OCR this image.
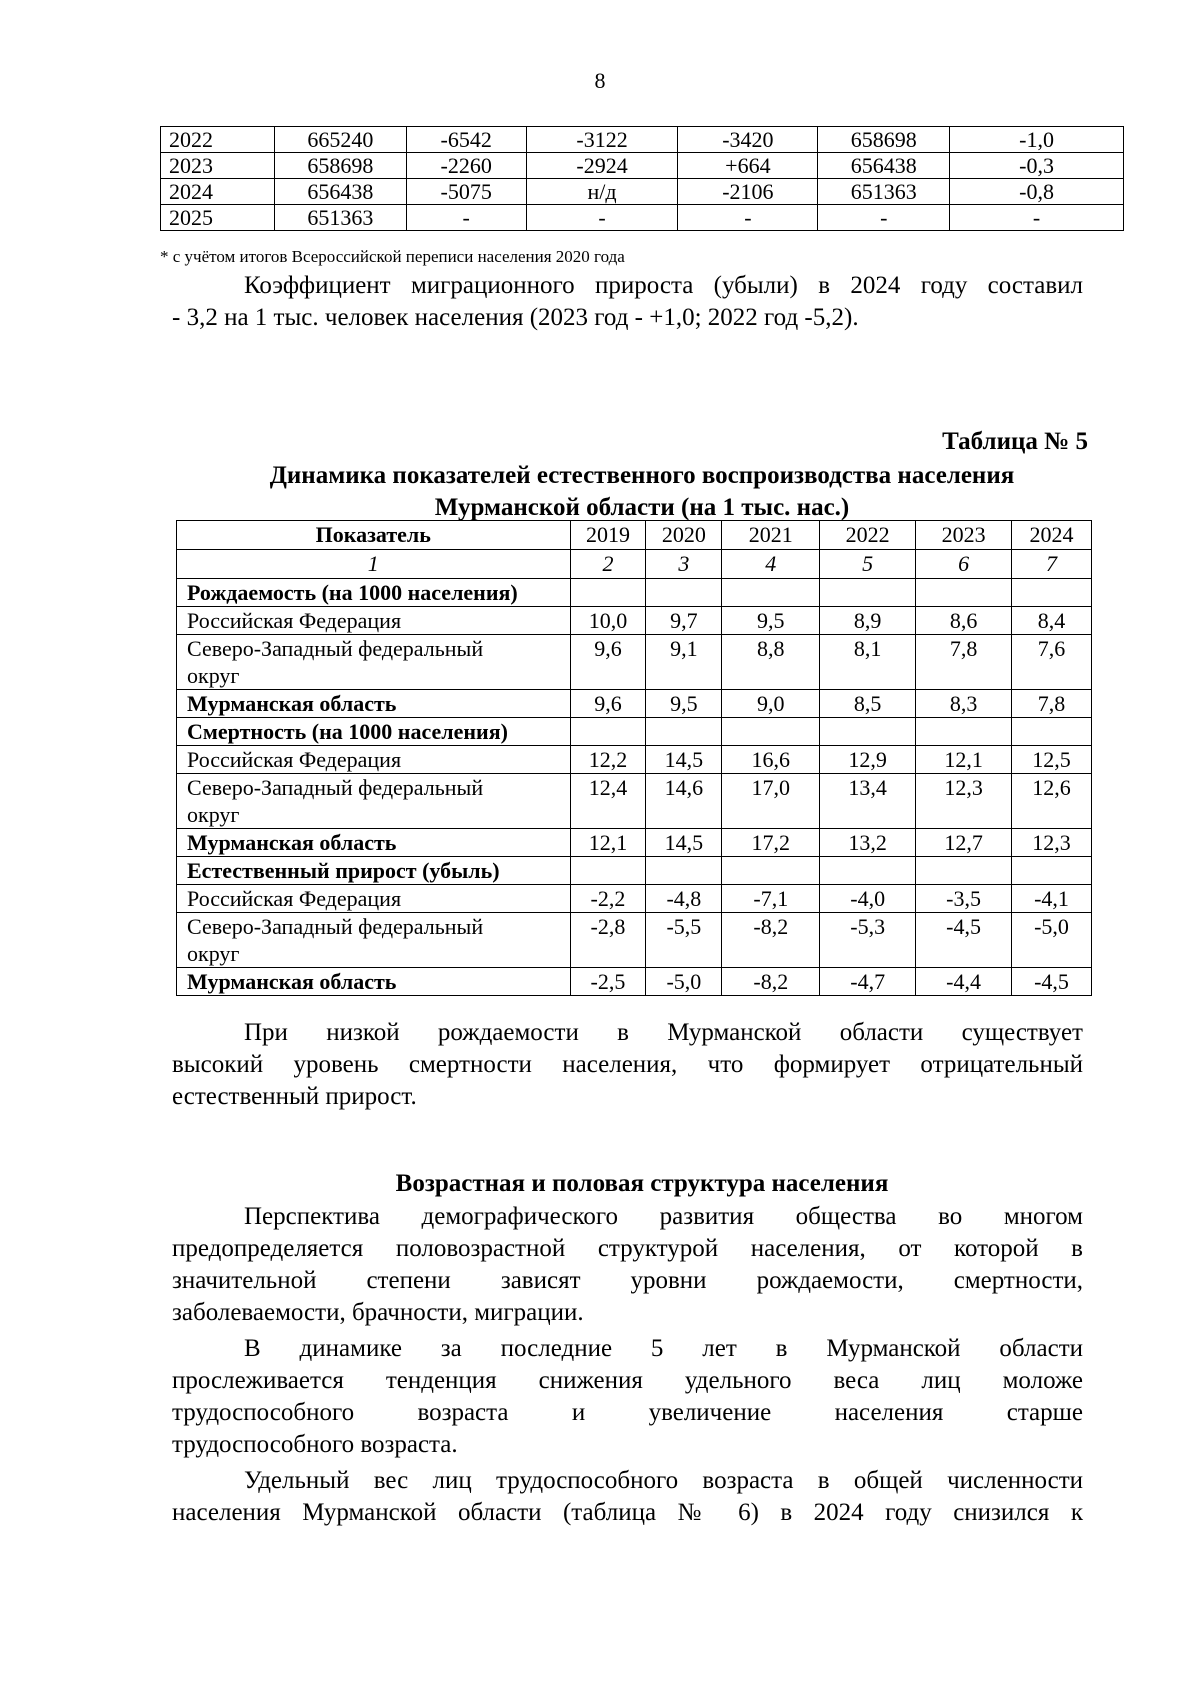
8
2022	665240	-6542	-3122	-3420	658698	-1,0
2023	658698	-2260	-2924	+664	656438	-0,3
2024	656438	-5075	н/д	-2106	651363	-0,8
2025	651363	-	-	-	-	-
* с учётом итогов Всероссийской переписи населения 2020 года
Коэффициент миграционного прироста (убыли) в 2024 году составил
- 3,2 на 1 тыс. человек населения (2023 год - +1,0; 2022 год -5,2).
Таблица № 5
Динамика показателей естественного воспроизводства населения
Мурманской области (на 1 тыс. нас.)
Показатель	2019	2020	2021	2022	2023	2024
1	2	3	4	5	6	7
Рождаемость (на 1000 населения)						

Российская Федерация	10,0	9,7	9,5	8,9	8,6	8,4

Северо-Западный федеральный
округ	9,6	9,1	8,8	8,1	7,8	7,6

Мурманская область	9,6	9,5	9,0	8,5	8,3	7,8
Смертность (на 1000 населения)						

Российская Федерация	12,2	14,5	16,6	12,9	12,1	12,5

Северо-Западный федеральный
округ	12,4	14,6	17,0	13,4	12,3	12,6

Мурманская область	12,1	14,5	17,2	13,2	12,7	12,3
Естественный прирост (убыль)						

Российская Федерация	-2,2	-4,8	-7,1	-4,0	-3,5	-4,1

Северо-Западный федеральный
округ	-2,8	-5,5	-8,2	-5,3	-4,5	-5,0

Мурманская область	-2,5	-5,0	-8,2	-4,7	-4,4	-4,5
При низкой рождаемости в Мурманской области существует
высокий уровень смертности населения, что формирует отрицательный
естественный прирост.
Возрастная и половая структура населения
Перспектива демографического развития общества во многом
предопределяется половозрастной структурой населения, от которой в
значительной степени зависят уровни рождаемости, смертности,
заболеваемости, брачности, миграции.
В динамике за последние 5 лет в Мурманской области
прослеживается тенденция снижения удельного веса лиц моложе
трудоспособного возраста и увеличение населения старше
трудоспособного возраста.
Удельный вес лиц трудоспособного возраста в общей численности
населения Мурманской области (таблица № 6) в 2024 году снизился к
